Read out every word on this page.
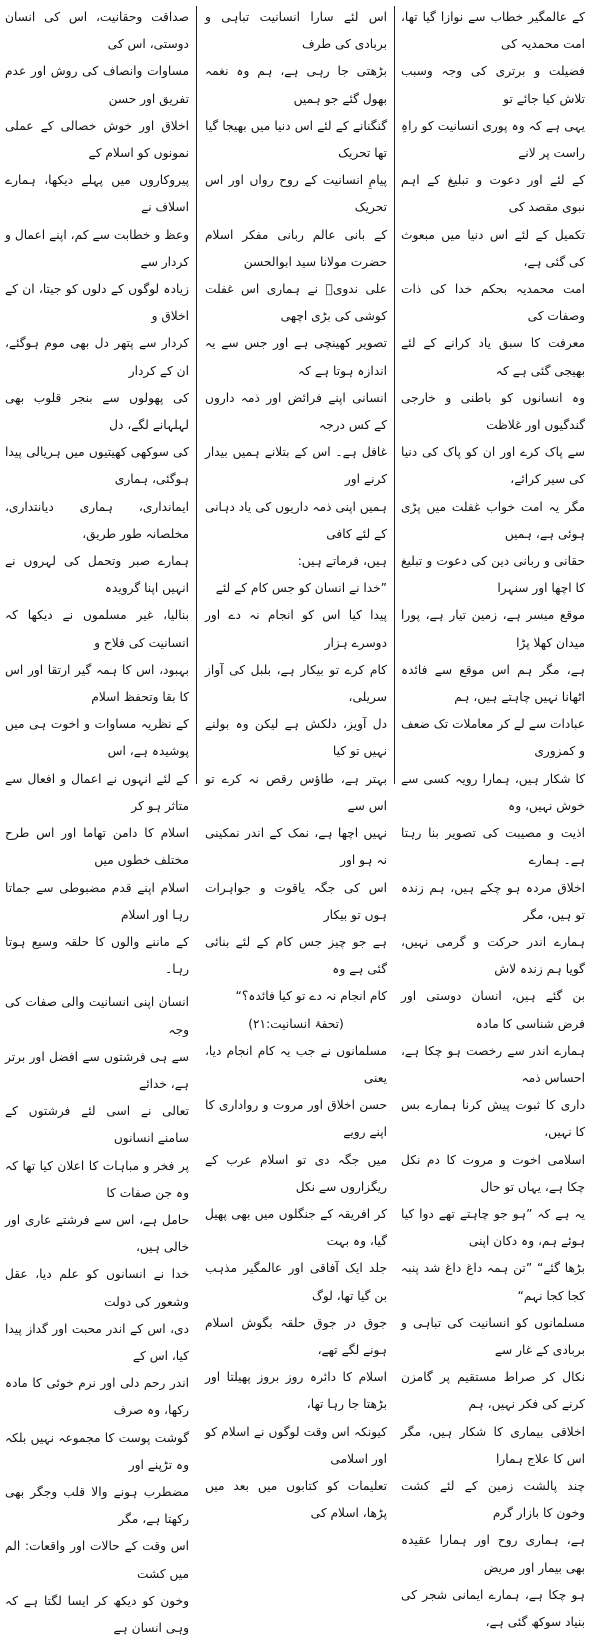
کے عالمگیر خطاب سے نوازا گیا تھا، امت محمدیہ کی
فضیلت و برتری کی وجہ وسبب تلاش کیا جائے تو
یہی ہے کہ وہ پوری انسانیت کو راہِ راست پر لانے
کے لئے اور دعوت و تبلیغ کے اہم نبوی مقصد کی
تکمیل کے لئے اس دنیا میں مبعوث کی گئی ہے،
امت محمدیہ بحکم خدا کی ذات وصفات کی
معرفت کا سبق یاد کرانے کے لئے بھیجی گئی ہے کہ
وہ انسانوں کو باطنی و خارجی گندگیوں اور غلاظت
سے پاک کرے اور ان کو پاک کی دنیا کی سیر کرائے،
مگر یہ امت خواب غفلت میں پڑی ہوئی ہے، ہمیں
حقانی و ربانی دین کی دعوت و تبلیغ کا اچھا اور سنہرا
موقع میسر ہے، زمین تیار ہے، پورا میدان کھلا پڑا
ہے، مگر ہم اس موقع سے فائدہ اٹھانا نہیں چاہتے ہیں، ہم
عبادات سے لے کر معاملات تک ضعف و کمزوری
کا شکار ہیں، ہمارا رویہ کسی سے خوش نہیں، وہ
اذیت و مصیبت کی تصویر بنا رہتا ہے۔ ہمارے
اخلاق مردہ ہو چکے ہیں، ہم زندہ تو ہیں، مگر
ہمارے اندر حرکت و گرمی نہیں، گویا ہم زندہ لاش
بن گئے ہیں، انسان دوستی اور فرض شناسی کا مادہ
ہمارے اندر سے رخصت ہو چکا ہے، احساس ذمہ
داری کا ثبوت پیش کرنا ہمارے بس کا نہیں،
اسلامی اخوت و مروت کا دم نکل چکا ہے، یہاں تو حال
یہ ہے کہ ”ہو جو چاہتے تھے دوا کیا ہوئے ہم، وہ دکان اپنی
بڑھا گئے“ ”تن ہمہ داغ داغ شد پنبہ کجا کجا نہم“
مسلمانوں کو انسانیت کی تباہی و بربادی کے غار سے
نکال کر صراط مستقیم پر گامزن کرنے کی فکر نہیں، ہم
اخلاقی بیماری کا شکار ہیں، مگر اس کا علاج ہمارا
چند پالشت زمین کے لئے کشت وخون کا بازار گرم
ہے، ہماری روح اور ہمارا عقیدہ بھی بیمار اور مریض
ہو چکا ہے، ہمارے ایمانی شجر کی بنیاد سوکھ گئی ہے،

اس لئے سارا انسانیت تباہی و بربادی کی طرف
بڑھتی جا رہی ہے، ہم وہ نغمہ بھول گئے جو ہمیں
گنگنانے کے لئے اس دنیا میں بھیجا گیا تھا تحریک
پیامِ انسانیت کے روح رواں اور اس تحریک
کے بانی عالم ربانی مفکر اسلام حضرت مولانا سید ابوالحسن
علی ندویؒ نے ہماری اس غفلت کوشی کی بڑی اچھی
تصویر کھینچی ہے اور جس سے یہ اندازہ ہوتا ہے کہ
انسانی اپنے فرائض اور ذمہ داروں کے کس درجہ
غافل ہے۔ اس کے بتلانے ہمیں بیدار کرنے اور
ہمیں اپنی ذمہ داریوں کی یاد دہانی کے لئے کافی
ہیں، فرماتے ہیں:

”خدا نے انسان کو جس کام کے لئے
پیدا کیا اس کو انجام نہ دے اور دوسرے ہزار
کام کرے تو بیکار ہے، بلبل کی آواز سریلی،
دل آویز، دلکش ہے لیکن وہ بولنے نہیں تو کیا
بہتر ہے، طاؤس رقص نہ کرے تو اس سے
نہیں اچھا ہے، نمک کے اندر نمکینی نہ ہو اور
اس کی جگہ یاقوت و جواہرات ہوں تو بیکار
ہے جو چیز جس کام کے لئے بنائی گئی ہے وہ
کام انجام نہ دے تو کیا فائدہ؟“

(تحفۂ انسانیت:۲۱)

مسلمانوں نے جب یہ کام انجام دیا، یعنی
حسن اخلاق اور مروت و رواداری کا اپنے رویے
میں جگہ دی تو اسلام عرب کے ریگزاروں سے نکل
کر افریقہ کے جنگلوں میں بھی پھیل گیا، وہ بہت
جلد ایک آفاقی اور عالمگیر مذہب بن گیا تھا، لوگ
جوق در جوق حلقہ بگوش اسلام ہونے لگے تھے،
اسلام کا دائرہ روز بروز پھیلتا اور بڑھتا جا رہا تھا،
کیونکہ اس وقت لوگوں نے اسلام کو اور اسلامی
تعلیمات کو کتابوں میں بعد میں پڑھا، اسلام کی

صداقت وحقانیت، اس کی انسان دوستی، اس کی
مساوات وانصاف کی روش اور عدم تفریق اور حسن
اخلاق اور خوش خصالی کے عملی نمونوں کو اسلام کے
پیروکاروں میں پہلے دیکھا، ہمارے اسلاف نے
وعظ و خطابت سے کم، اپنے اعمال و کردار سے
زیادہ لوگوں کے دلوں کو جیتا، ان کے اخلاق و
کردار سے پتھر دل بھی موم ہوگئے، ان کے کردار
کی پھولوں سے بنجر قلوب بھی لہلہانے لگے، دل
کی سوکھی کھیتیوں میں ہریالی پیدا ہوگئی، ہماری
ایمانداری، ہماری دیانتداری، مخلصانہ طور طریق،
ہمارے صبر وتحمل کی لہروں نے انہیں اپنا گرویدہ
بنالیا، غیر مسلموں نے دیکھا کہ انسانیت کی فلاح و
بہبود، اس کا ہمہ گیر ارتقا اور اس کا بقا وتحفظ اسلام
کے نظریہ مساوات و اخوت ہی میں پوشیدہ ہے، اس
کے لئے انہوں نے اعمال و افعال سے متاثر ہو کر
اسلام کا دامن تھاما اور اس طرح مختلف خطوں میں
اسلام اپنے قدم مضبوطی سے جماتا رہا اور اسلام
کے ماننے والوں کا حلقہ وسیع ہوتا رہا۔

انسان اپنی انسانیت والی صفات کی وجہ
سے ہی فرشتوں سے افضل اور برتر ہے، خدائے
تعالی نے اسی لئے فرشتوں کے سامنے انسانوں
پر فخر و مباہات کا اعلان کیا تھا کہ وہ جن صفات کا
حامل ہے، اس سے فرشتے عاری اور خالی ہیں،
خدا نے انسانوں کو علم دیا، عقل وشعور کی دولت
دی، اس کے اندر محبت اور گداز پیدا کیا، اس کے
اندر رحم دلی اور نرم خوئی کا مادہ رکھا، وہ صرف
گوشت پوست کا مجموعہ نہیں بلکہ وہ تڑپنے اور
مضطرب ہونے والا قلب وجگر بھی رکھتا ہے، مگر
اس وقت کے حالات اور واقعات: الم میں کشت
وخون کو دیکھ کر ایسا لگتا ہے کہ وہی انسان ہے
